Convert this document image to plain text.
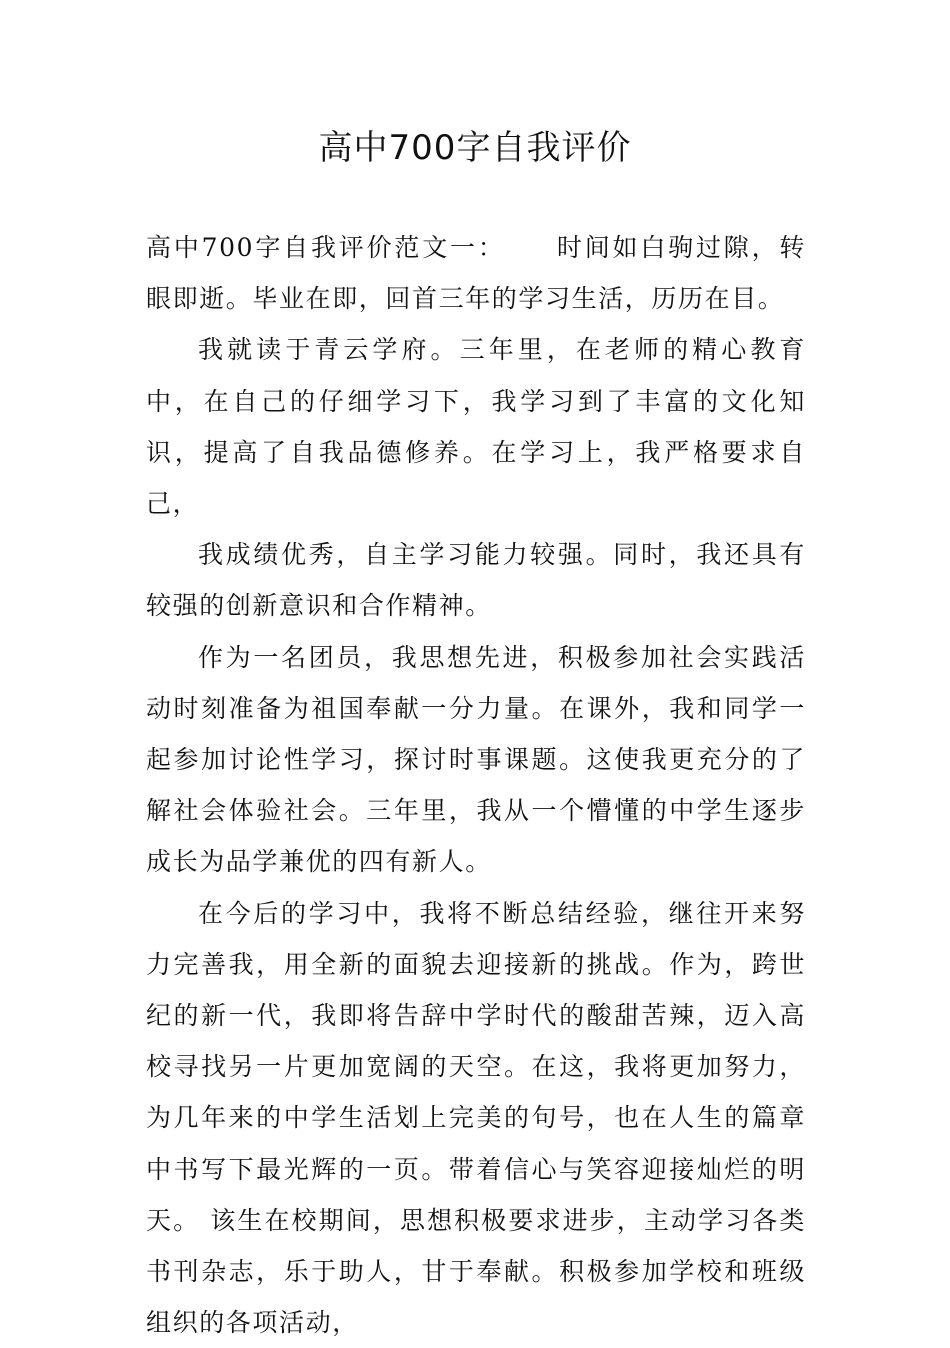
高中700字自我评价

高中700字自我评价范文一： 时间如白驹过隙，转眼即逝。毕业在即，回首三年的学习生活，历历在目。

我就读于青云学府。三年里，在老师的精心教育中，在自己的仔细学习下，我学习到了丰富的文化知识，提高了自我品德修养。在学习上，我严格要求自己，

我成绩优秀，自主学习能力较强。同时，我还具有较强的创新意识和合作精神。

作为一名团员，我思想先进，积极参加社会实践活动时刻准备为祖国奉献一分力量。在课外，我和同学一起参加讨论性学习，探讨时事课题。这使我更充分的了解社会体验社会。三年里，我从一个懵懂的中学生逐步成长为品学兼优的四有新人。

在今后的学习中，我将不断总结经验，继往开来努力完善我，用全新的面貌去迎接新的挑战。作为，跨世纪的新一代，我即将告辞中学时代的酸甜苦辣，迈入高校寻找另一片更加宽阔的天空。在这，我将更加努力，为几年来的中学生活划上完美的句号，也在人生的篇章中书写下最光辉的一页。带着信心与笑容迎接灿烂的明天。 该生在校期间，思想积极要求进步，主动学习各类书刊杂志，乐于助人，甘于奉献。积极参加学校和班级组织的各项活动，
